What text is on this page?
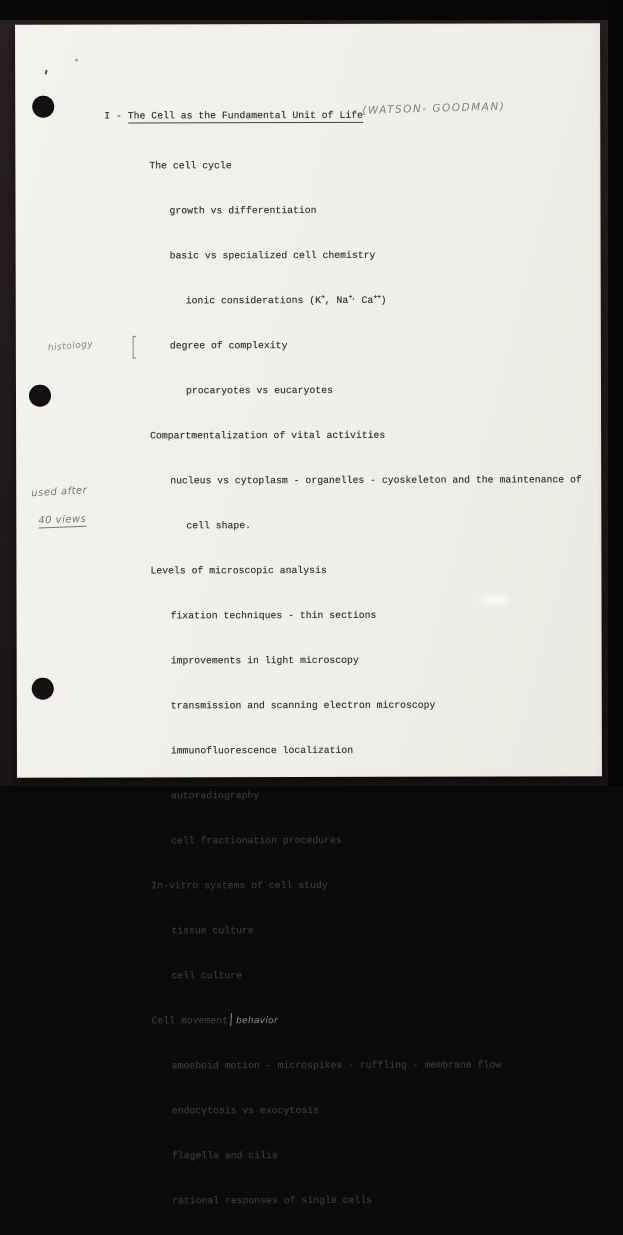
I - The Cell as the Fundamental Unit of Life (WATSON- GOODMAN)
[
histology
used after
40 views

The cell cycle

growth vs differentiation

basic vs specialized cell chemistry

ionic considerations (K+, Na+, Ca++)

degree of complexity

procaryotes vs eucaryotes

Compartmentalization of vital activities

nucleus vs cytoplasm - organelles - cyoskeleton and the maintenance of

cell shape.

Levels of microscopic analysis

fixation techniques - thin sections

improvements in light microscopy

transmission and scanning electron microscopy

immunofluorescence localization

autoradiography

cell fractionation procedures

In-vitro systems of cell study

tissue culture

cell culture

Cell movement behavior

amoeboid motion - microspikes - ruffling - membrane flow

endocytosis vs exocytosis

flagella and cilia

rational responses of single cells
